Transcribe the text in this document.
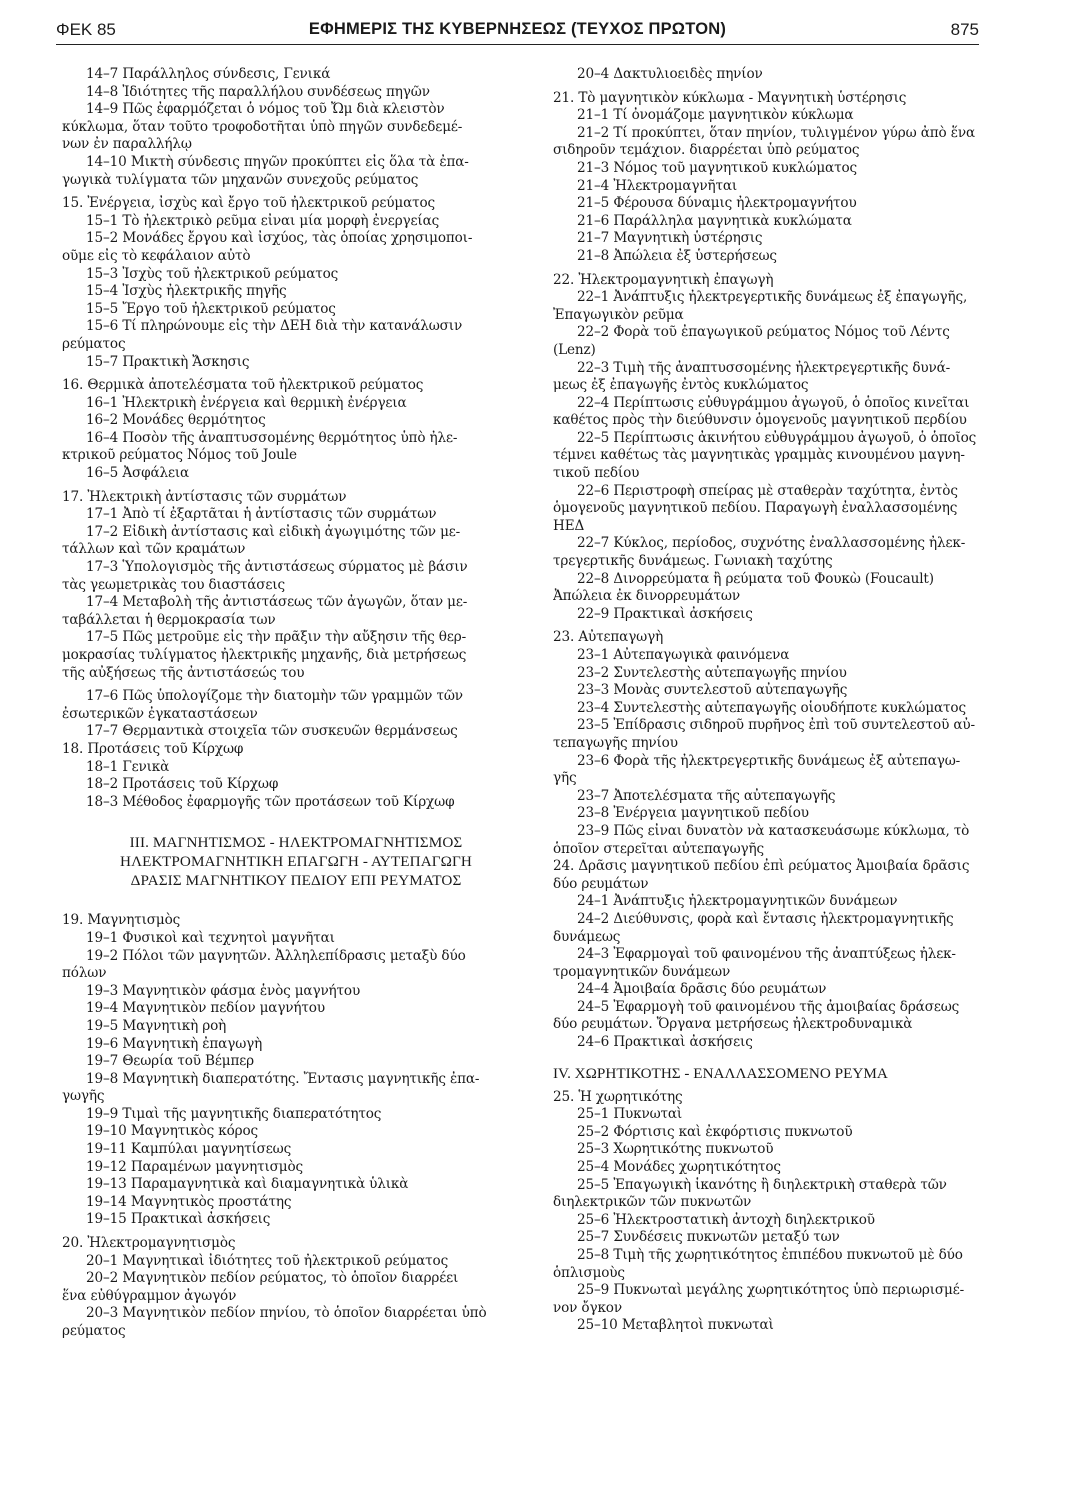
ΦΕΚ 85	ΕΦΗΜΕΡΙΣ ΤΗΣ ΚΥΒΕΡΝΗΣΕΩΣ (ΤΕΥΧΟΣ ΠΡΩΤΟΝ)	875
14–7 Παράλληλος σύνδεσις, Γενικά
14–8 Ἰδιότητες τῆς παραλλήλου συνδέσεως πηγῶν
14–9 Πῶς ἐφαρμόζεται ὁ νόμος τοῦ Ὤμ διὰ κλειστὸν
κύκλωμα, ὅταν τοῦτο τροφοδοτῆται ὑπὸ πηγῶν συνδεδεμέ-
νων ἐν παραλλήλῳ
14–10 Μικτὴ σύνδεσις πηγῶν προκύπτει εἰς ὅλα τὰ ἐπα-
γωγικὰ τυλίγματα τῶν μηχανῶν συνεχοῦς ρεύματος
15. Ἐνέργεια, ἰσχὺς καὶ ἔργο τοῦ ἠλεκτρικοῦ ρεύματος
15–1 Τὸ ἠλεκτρικὸ ρεῦμα εἶναι μία μορφὴ ἐνεργείας
15–2 Μονάδες ἔργου καὶ ἰσχύος, τὰς ὁποίας χρησιμοποι-
οῦμε εἰς τὸ κεφάλαιον αὐτὸ
15–3 Ἰσχὺς τοῦ ἠλεκτρικοῦ ρεύματος
15–4 Ἰσχὺς ἠλεκτρικῆς πηγῆς
15–5 Ἔργο τοῦ ἠλεκτρικοῦ ρεύματος
15–6 Τί πληρώνουμε εἰς τὴν ΔΕΗ διὰ τὴν κατανάλωσιν
ρεύματος
15–7 Πρακτικὴ Ἄσκησις
16. Θερμικὰ ἀποτελέσματα τοῦ ἠλεκτρικοῦ ρεύματος
16–1 Ἠλεκτρικὴ ἐνέργεια καὶ θερμικὴ ἐνέργεια
16–2 Μονάδες θερμότητος
16–4 Ποσὸν τῆς ἀναπτυσσομένης θερμότητος ὑπὸ ἠλε-
κτρικοῦ ρεύματος Νόμος τοῦ Joule
16–5 Ἀσφάλεια
17. Ἠλεκτρικὴ ἀντίστασις τῶν συρμάτων
17–1 Ἀπὸ τί ἐξαρτᾶται ἡ ἀντίστασις τῶν συρμάτων
17–2 Εἰδικὴ ἀντίστασις καὶ εἰδικὴ ἀγωγιμότης τῶν με-
τάλλων καὶ τῶν κραμάτων
17–3 Ὑπολογισμὸς τῆς ἀντιστάσεως σύρματος μὲ βάσιν
τὰς γεωμετρικὰς του διαστάσεις
17–4 Μεταβολὴ τῆς ἀντιστάσεως τῶν ἀγωγῶν, ὅταν με-
ταβάλλεται ἡ θερμοκρασία των
17–5 Πῶς μετροῦμε εἰς τὴν πρᾶξιν τὴν αὔξησιν τῆς θερ-
μοκρασίας τυλίγματος ἠλεκτρικῆς μηχανῆς, διὰ μετρήσεως
τῆς αὐξήσεως τῆς ἀντιστάσεώς του
17–6 Πῶς ὑπολογίζομε τὴν διατομὴν τῶν γραμμῶν τῶν
ἐσωτερικῶν ἐγκαταστάσεων
17–7 Θερμαντικὰ στοιχεῖα τῶν συσκευῶν θερμάνσεως
18. Προτάσεις τοῦ Κίρχωφ
18–1 Γενικὰ
18–2 Προτάσεις τοῦ Κίρχωφ
18–3 Μέθοδος ἐφαρμογῆς τῶν προτάσεων τοῦ Κίρχωφ
ΙΙΙ. ΜΑΓΝΗΤΙΣΜΟΣ - ΗΛΕΚΤΡΟΜΑΓΝΗΤΙΣΜΟΣ
ΗΛΕΚΤΡΟΜΑΓΝΗΤΙΚΗ ΕΠΑΓΩΓΗ - ΑΥΤΕΠΑΓΩΓΗ
ΔΡΑΣΙΣ ΜΑΓΝΗΤΙΚΟΥ ΠΕΔΙΟΥ ΕΠΙ ΡΕΥΜΑΤΟΣ
19. Μαγνητισμὸς
19–1 Φυσικοὶ καὶ τεχνητοὶ μαγνῆται
19–2 Πόλοι τῶν μαγνητῶν. Ἀλληλεπίδρασις μεταξὺ δύο
πόλων
19–3 Μαγνητικὸν φάσμα ἑνὸς μαγνήτου
19–4 Μαγνητικὸν πεδίον μαγνήτου
19–5 Μαγνητικὴ ροὴ
19–6 Μαγνητικὴ ἐπαγωγὴ
19–7 Θεωρία τοῦ Βέμπερ
19–8 Μαγνητικὴ διαπερατότης. Ἔντασις μαγνητικῆς ἐπα-
γωγῆς
19–9 Τιμαὶ τῆς μαγνητικῆς διαπερατότητος
19–10 Μαγνητικὸς κόρος
19–11 Καμπύλαι μαγνητίσεως
19–12 Παραμένων μαγνητισμὸς
19–13 Παραμαγνητικὰ καὶ διαμαγνητικὰ ὑλικὰ
19–14 Μαγνητικὸς προστάτης
19–15 Πρακτικαὶ ἀσκήσεις
20. Ἠλεκτρομαγνητισμὸς
20–1 Μαγνητικαὶ ἰδιότητες τοῦ ἠλεκτρικοῦ ρεύματος
20–2 Μαγνητικὸν πεδίον ρεύματος, τὸ ὁποῖον διαρρέει
ἕνα εὐθύγραμμον ἀγωγόν
20–3 Μαγνητικὸν πεδίον πηνίου, τὸ ὁποῖον διαρρέεται ὑπὸ
ρεύματος
20–4 Δακτυλιοειδὲς πηνίον
21. Τὸ μαγνητικὸν κύκλωμα - Μαγνητικὴ ὑστέρησις
21–1 Τί ὀνομάζομε μαγνητικὸν κύκλωμα
21–2 Τί προκύπτει, ὅταν πηνίον, τυλιγμένον γύρω ἀπὸ ἕνα
σιδηροῦν τεμάχιον. διαρρέεται ὑπὸ ρεύματος
21–3 Νόμος τοῦ μαγνητικοῦ κυκλώματος
21–4 Ἠλεκτρομαγνῆται
21–5 Φέρουσα δύναμις ἠλεκτρομαγνήτου
21–6 Παράλληλα μαγνητικὰ κυκλώματα
21–7 Μαγνητικὴ ὑστέρησις
21–8 Ἀπώλεια ἐξ ὑστερήσεως
22. Ἠλεκτρομαγνητικὴ ἐπαγωγὴ
22–1 Ἀνάπτυξις ἠλεκτρεγερτικῆς δυνάμεως ἐξ ἐπαγωγῆς,
Ἐπαγωγικὸν ρεῦμα
22–2 Φορὰ τοῦ ἐπαγωγικοῦ ρεύματος Νόμος τοῦ Λέντς
(Lenz)
22–3 Τιμὴ τῆς ἀναπτυσσομένης ἠλεκτρεγερτικῆς δυνά-
μεως ἐξ ἐπαγωγῆς ἐντὸς κυκλώματος
22–4 Περίπτωσις εὐθυγράμμου ἀγωγοῦ, ὁ ὁποῖος κινεῖται
καθέτος πρὸς τὴν διεύθυνσιν ὁμογενοῦς μαγνητικοῦ περδίου
22–5 Περίπτωσις ἀκινήτου εὐθυγράμμου ἀγωγοῦ, ὁ ὁποῖος
τέμνει καθέτως τὰς μαγνητικὰς γραμμὰς κινουμένου μαγνη-
τικοῦ πεδίου
22–6 Περιστροφὴ σπείρας μὲ σταθερὰν ταχύτητα, ἐντὸς
ὁμογενοῦς μαγνητικοῦ πεδίου. Παραγωγὴ ἐναλλασσομένης
ΗΕΔ
22–7 Κύκλος, περίοδος, συχνότης ἐναλλασσομένης ἠλεκ-
τρεγερτικῆς δυνάμεως. Γωνιακὴ ταχύτης
22–8 Δινορρεύματα ἢ ρεύματα τοῦ Φουκὼ (Foucault)
Ἀπώλεια ἐκ δινορρευμάτων
22–9 Πρακτικαὶ ἀσκήσεις
23. Αὐτεπαγωγὴ
23–1 Αὐτεπαγωγικὰ φαινόμενα
23–2 Συντελεστὴς αὐτεπαγωγῆς πηνίου
23–3 Μονὰς συντελεστοῦ αὐτεπαγωγῆς
23–4 Συντελεστὴς αὐτεπαγωγῆς οἱουδήποτε κυκλώματος
23–5 Ἐπίδρασις σιδηροῦ πυρῆνος ἐπὶ τοῦ συντελεστοῦ αὐ-
τεπαγωγῆς πηνίου
23–6 Φορὰ τῆς ἠλεκτρεγερτικῆς δυνάμεως ἐξ αὐτεπαγω-
γῆς
23–7 Ἀποτελέσματα τῆς αὐτεπαγωγῆς
23–8 Ἐνέργεια μαγνητικοῦ πεδίου
23–9 Πῶς εἶναι δυνατὸν νὰ κατασκευάσωμε κύκλωμα, τὸ
ὁποῖον στερεῖται αὐτεπαγωγῆς
24. Δρᾶσις μαγνητικοῦ πεδίου ἐπὶ ρεύματος Ἀμοιβαία δρᾶσις
δύο ρευμάτων
24–1 Ἀνάπτυξις ἠλεκτρομαγνητικῶν δυνάμεων
24–2 Διεύθυνσις, φορὰ καὶ ἔντασις ἠλεκτρομαγνητικῆς
δυνάμεως
24–3 Ἐφαρμογαὶ τοῦ φαινομένου τῆς ἀναπτύξεως ἠλεκ-
τρομαγνητικῶν δυνάμεων
24–4 Ἀμοιβαία δρᾶσις δύο ρευμάτων
24–5 Ἐφαρμογὴ τοῦ φαινομένου τῆς ἀμοιβαίας δράσεως
δύο ρευμάτων. Ὄργανα μετρήσεως ἠλεκτροδυναμικὰ
24–6 Πρακτικαὶ ἀσκήσεις
ΙV. ΧΩΡΗΤΙΚΟΤΗΣ - ΕΝΑΛΛΑΣΣΟΜΕΝΟ ΡΕΥΜΑ
25. Ἡ χωρητικότης
25–1 Πυκνωταὶ
25–2 Φόρτισις καὶ ἐκφόρτισις πυκνωτοῦ
25–3 Χωρητικότης πυκνωτοῦ
25–4 Μονάδες χωρητικότητος
25–5 Ἐπαγωγικὴ ἱκανότης ἢ διηλεκτρικὴ σταθερὰ τῶν
διηλεκτρικῶν τῶν πυκνωτῶν
25–6 Ἠλεκτροστατικὴ ἀντοχὴ διηλεκτρικοῦ
25–7 Συνδέσεις πυκνωτῶν μεταξύ των
25–8 Τιμὴ τῆς χωρητικότητος ἐπιπέδου πυκνωτοῦ μὲ δύο
ὁπλισμοὺς
25–9 Πυκνωταὶ μεγάλης χωρητικότητος ὑπὸ περιωρισμέ-
νον ὄγκον
25–10 Μεταβλητοὶ πυκνωταὶ
